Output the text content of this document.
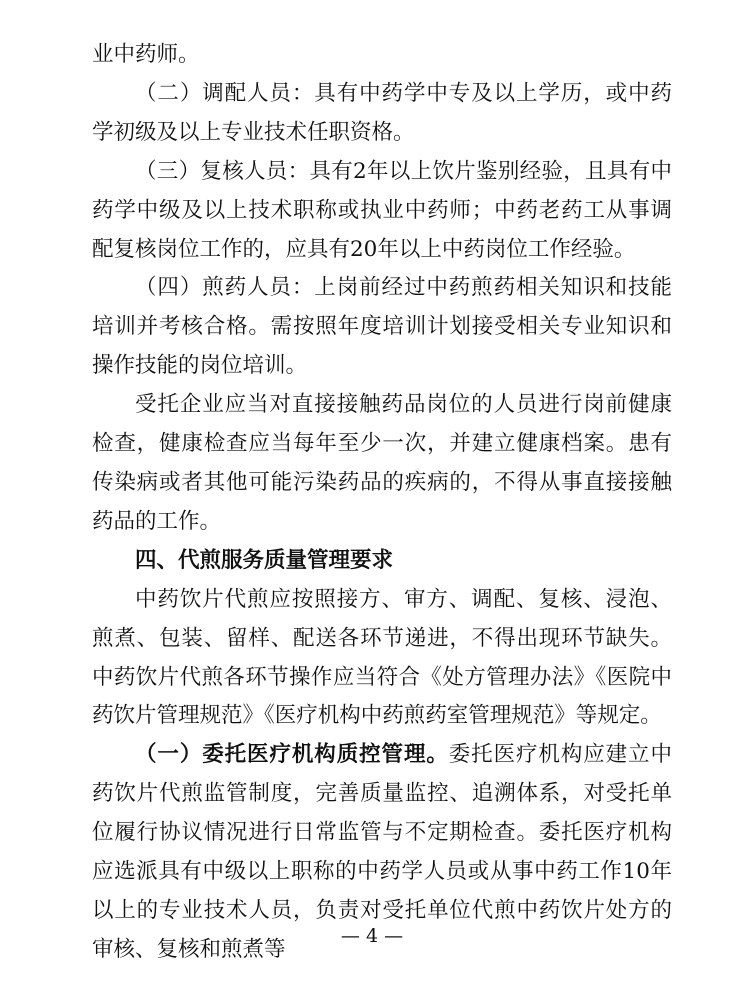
业中药师。

（二）调配人员：具有中药学中专及以上学历，或中药学初级及以上专业技术任职资格。

（三）复核人员：具有2年以上饮片鉴别经验，且具有中药学中级及以上技术职称或执业中药师；中药老药工从事调配复核岗位工作的，应具有20年以上中药岗位工作经验。

（四）煎药人员：上岗前经过中药煎药相关知识和技能培训并考核合格。需按照年度培训计划接受相关专业知识和操作技能的岗位培训。

受托企业应当对直接接触药品岗位的人员进行岗前健康检查，健康检查应当每年至少一次，并建立健康档案。患有传染病或者其他可能污染药品的疾病的，不得从事直接接触药品的工作。

四、代煎服务质量管理要求

中药饮片代煎应按照接方、审方、调配、复核、浸泡、煎煮、包装、留样、配送各环节递进，不得出现环节缺失。中药饮片代煎各环节操作应当符合《处方管理办法》《医院中药饮片管理规范》《医疗机构中药煎药室管理规范》等规定。

（一）委托医疗机构质控管理。委托医疗机构应建立中药饮片代煎监管制度，完善质量监控、追溯体系，对受托单位履行协议情况进行日常监管与不定期检查。委托医疗机构应选派具有中级以上职称的中药学人员或从事中药工作10年以上的专业技术人员，负责对受托单位代煎中药饮片处方的审核、复核和煎煮等

— 4 —
